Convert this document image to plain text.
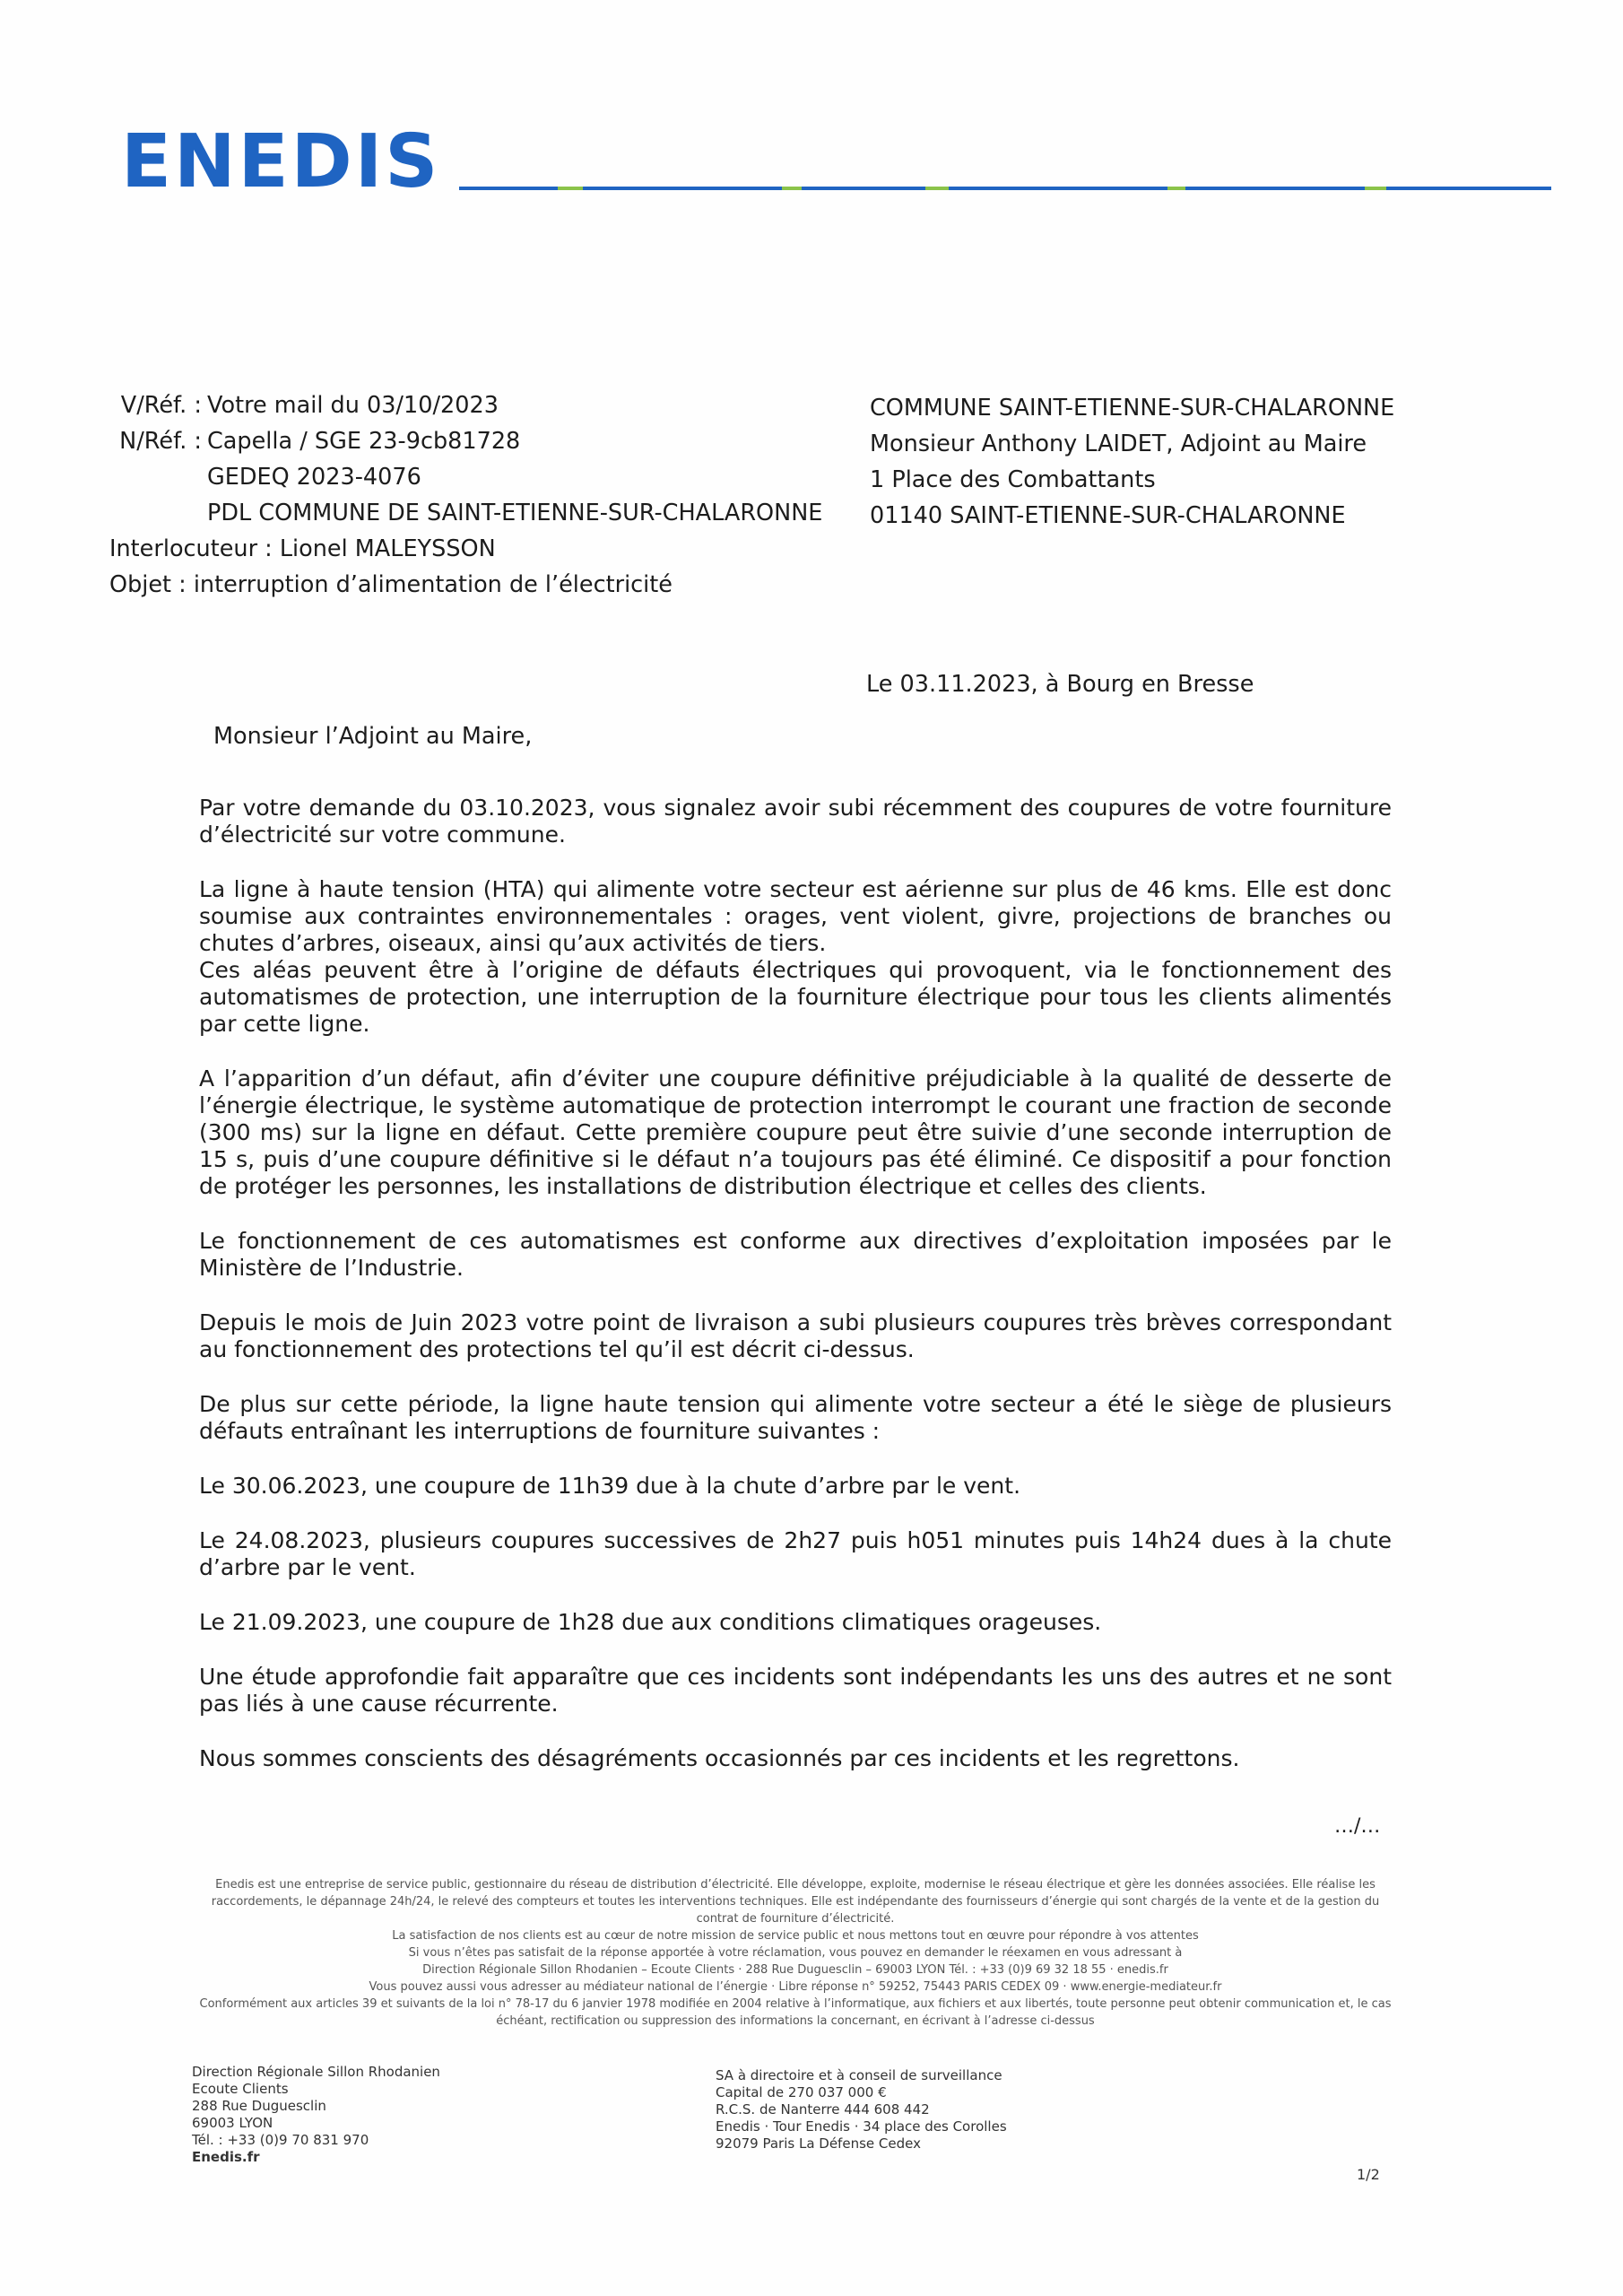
ENEDIS
V/Réf. : Votre mail du 03/10/2023
N/Réf. : Capella / SGE 23-9cb81728
GEDEQ 2023-4076
PDL COMMUNE DE SAINT-ETIENNE-SUR-CHALARONNE
Interlocuteur : Lionel MALEYSSON
Objet : interruption d’alimentation de l’électricité
COMMUNE SAINT-ETIENNE-SUR-CHALARONNE
Monsieur Anthony LAIDET, Adjoint au Maire
1 Place des Combattants
01140 SAINT-ETIENNE-SUR-CHALARONNE
Le 03.11.2023, à Bourg en Bresse
Monsieur l’Adjoint au Maire,

Par votre demande du 03.10.2023, vous signalez avoir subi récemment des coupures de votre fourniture d’électricité sur votre commune.

La ligne à haute tension (HTA) qui alimente votre secteur est aérienne sur plus de 46 kms. Elle est donc soumise aux contraintes environnementales : orages, vent violent, givre, projections de branches ou chutes d’arbres, oiseaux, ainsi qu’aux activités de tiers.

Ces aléas peuvent être à l’origine de défauts électriques qui provoquent, via le fonctionnement des automatismes de protection, une interruption de la fourniture électrique pour tous les clients alimentés par cette ligne.

A l’apparition d’un défaut, afin d’éviter une coupure définitive préjudiciable à la qualité de desserte de l’énergie électrique, le système automatique de protection interrompt le courant une fraction de seconde (300 ms) sur la ligne en défaut. Cette première coupure peut être suivie d’une seconde interruption de 15 s, puis d’une coupure définitive si le défaut n’a toujours pas été éliminé. Ce dispositif a pour fonction de protéger les personnes, les installations de distribution électrique et celles des clients.

Le fonctionnement de ces automatismes est conforme aux directives d’exploitation imposées par le Ministère de l’Industrie.

Depuis le mois de Juin 2023 votre point de livraison a subi plusieurs coupures très brèves correspondant au fonctionnement des protections tel qu’il est décrit ci-dessus.

De plus sur cette période, la ligne haute tension qui alimente votre secteur a été le siège de plusieurs défauts entraînant les interruptions de fourniture suivantes :

Le 30.06.2023, une coupure de 11h39 due à la chute d’arbre par le vent.

Le 24.08.2023, plusieurs coupures successives de 2h27 puis h051 minutes puis 14h24 dues à la chute d’arbre par le vent.

Le 21.09.2023, une coupure de 1h28 due aux conditions climatiques orageuses.

Une étude approfondie fait apparaître que ces incidents sont indépendants les uns des autres et ne sont pas liés à une cause récurrente.

Nous sommes conscients des désagréments occasionnés par ces incidents et les regrettons.

…/…

Enedis est une entreprise de service public, gestionnaire du réseau de distribution d’électricité. Elle développe, exploite, modernise le réseau électrique et gère les données associées. Elle réalise les raccordements, le dépannage 24h/24, le relevé des compteurs et toutes les interventions techniques. Elle est indépendante des fournisseurs d’énergie qui sont chargés de la vente et de la gestion du contrat de fourniture d’électricité.

La satisfaction de nos clients est au cœur de notre mission de service public et nous mettons tout en œuvre pour répondre à vos attentes

Si vous n’êtes pas satisfait de la réponse apportée à votre réclamation, vous pouvez en demander le réexamen en vous adressant à

Direction Régionale Sillon Rhodanien – Ecoute Clients · 288 Rue Duguesclin – 69003 LYON Tél. : +33 (0)9 69 32 18 55 · enedis.fr

Vous pouvez aussi vous adresser au médiateur national de l’énergie · Libre réponse n° 59252, 75443 PARIS CEDEX 09 · www.energie-mediateur.fr

Conformément aux articles 39 et suivants de la loi n° 78-17 du 6 janvier 1978 modifiée en 2004 relative à l’informatique, aux fichiers et aux libertés, toute personne peut obtenir communication et, le cas échéant, rectification ou suppression des informations la concernant, en écrivant à l’adresse ci-dessus

Direction Régionale Sillon Rhodanien
Ecoute Clients
288 Rue Duguesclin
69003 LYON
Tél. : +33 (0)9 70 831 970
Enedis.fr
SA à directoire et à conseil de surveillance
Capital de 270 037 000 €
R.C.S. de Nanterre 444 608 442
Enedis · Tour Enedis · 34 place des Corolles
92079 Paris La Défense Cedex
1/2
